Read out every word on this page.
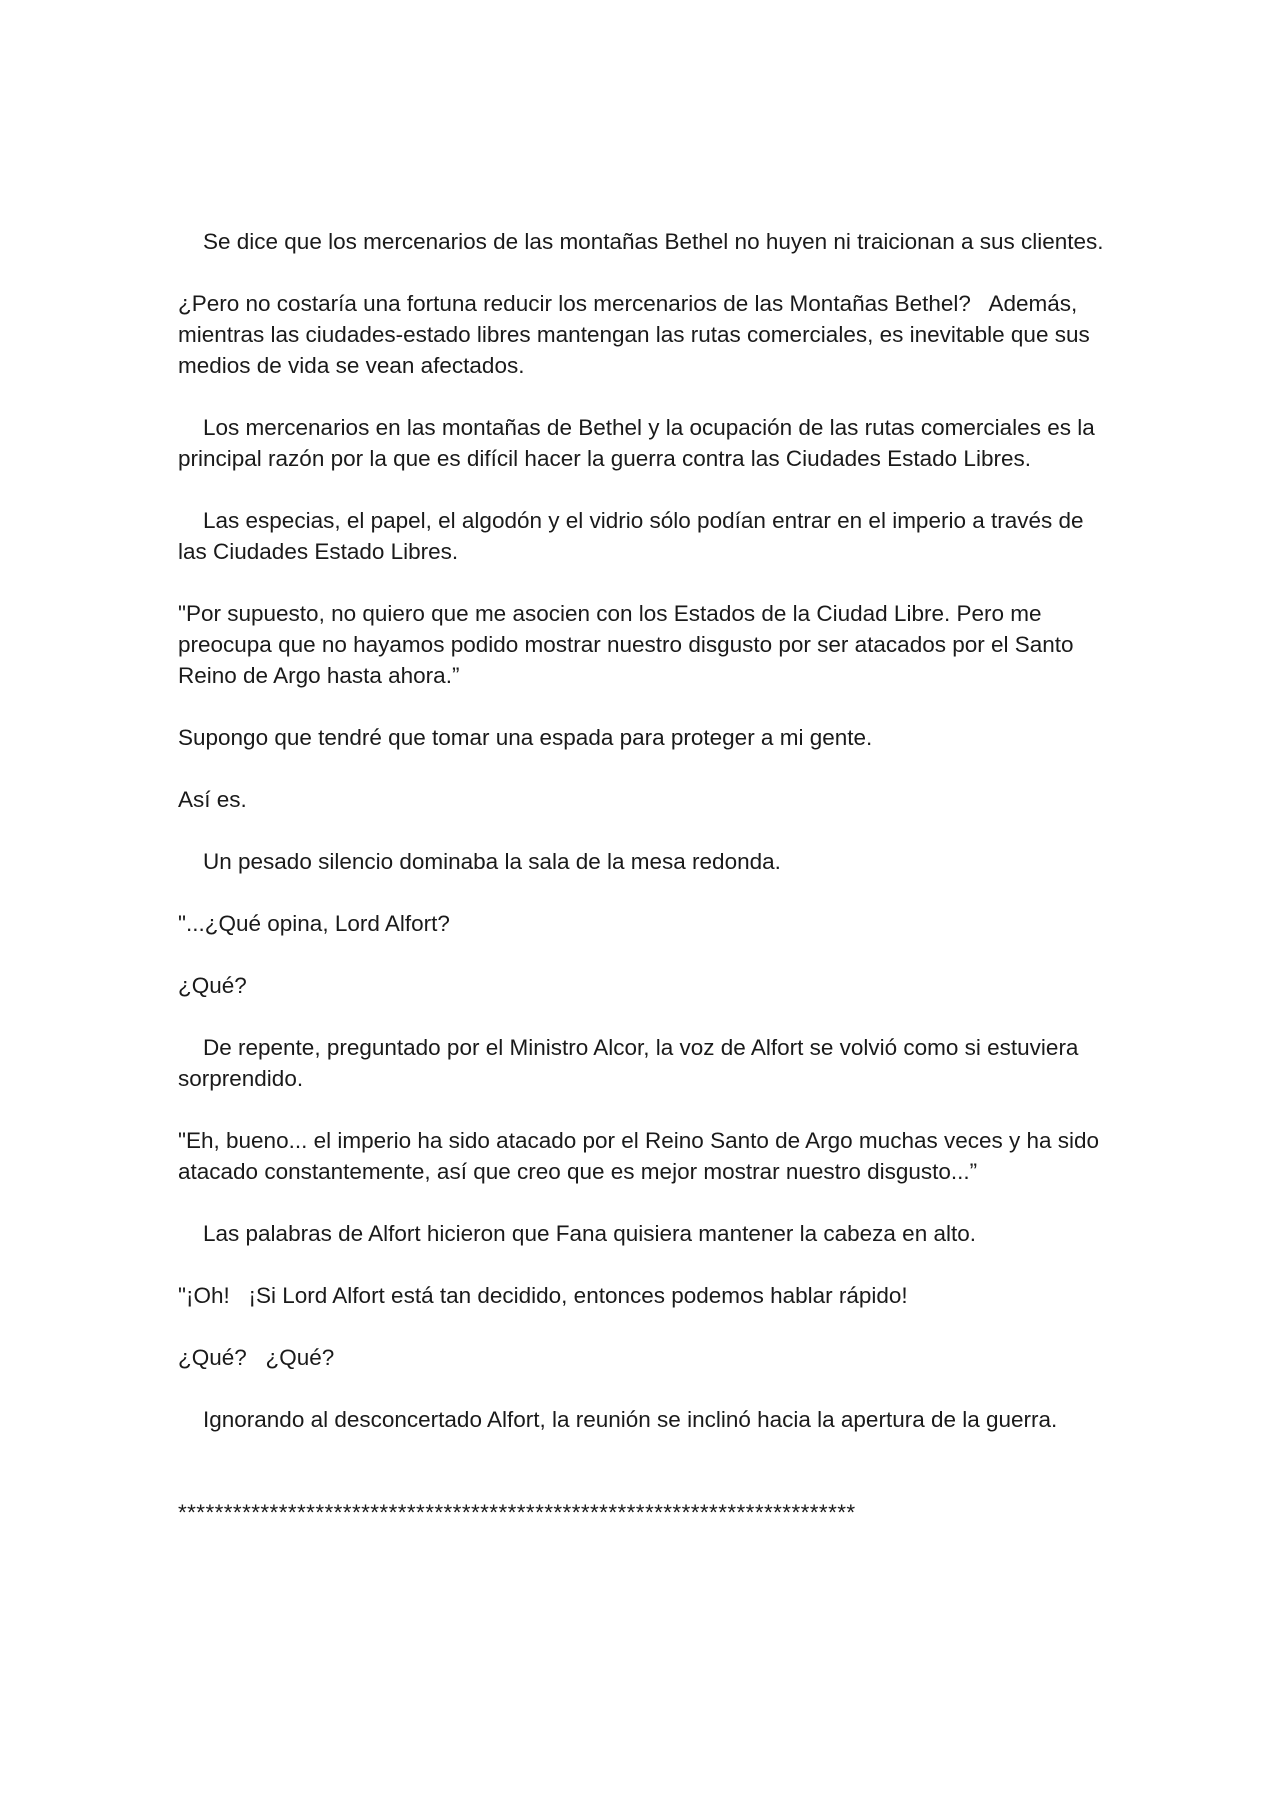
Se dice que los mercenarios de las montañas Bethel no huyen ni traicionan a sus clientes.

¿Pero no costaría una fortuna reducir los mercenarios de las Montañas Bethel?   Además, mientras las ciudades-estado libres mantengan las rutas comerciales, es inevitable que sus medios de vida se vean afectados.

Los mercenarios en las montañas de Bethel y la ocupación de las rutas comerciales es la principal razón por la que es difícil hacer la guerra contra las Ciudades Estado Libres.

Las especias, el papel, el algodón y el vidrio sólo podían entrar en el imperio a través de las Ciudades Estado Libres.

"Por supuesto, no quiero que me asocien con los Estados de la Ciudad Libre. Pero me preocupa que no hayamos podido mostrar nuestro disgusto por ser atacados por el Santo Reino de Argo hasta ahora.”

Supongo que tendré que tomar una espada para proteger a mi gente.

Así es.

Un pesado silencio dominaba la sala de la mesa redonda.

"...¿Qué opina, Lord Alfort?

¿Qué?

De repente, preguntado por el Ministro Alcor, la voz de Alfort se volvió como si estuviera sorprendido.

"Eh, bueno... el imperio ha sido atacado por el Reino Santo de Argo muchas veces y ha sido atacado constantemente, así que creo que es mejor mostrar nuestro disgusto...”

Las palabras de Alfort hicieron que Fana quisiera mantener la cabeza en alto.

"¡Oh!   ¡Si Lord Alfort está tan decidido, entonces podemos hablar rápido!

¿Qué?   ¿Qué?

Ignorando al desconcertado Alfort, la reunión se inclinó hacia la apertura de la guerra.

**************************************************************************
